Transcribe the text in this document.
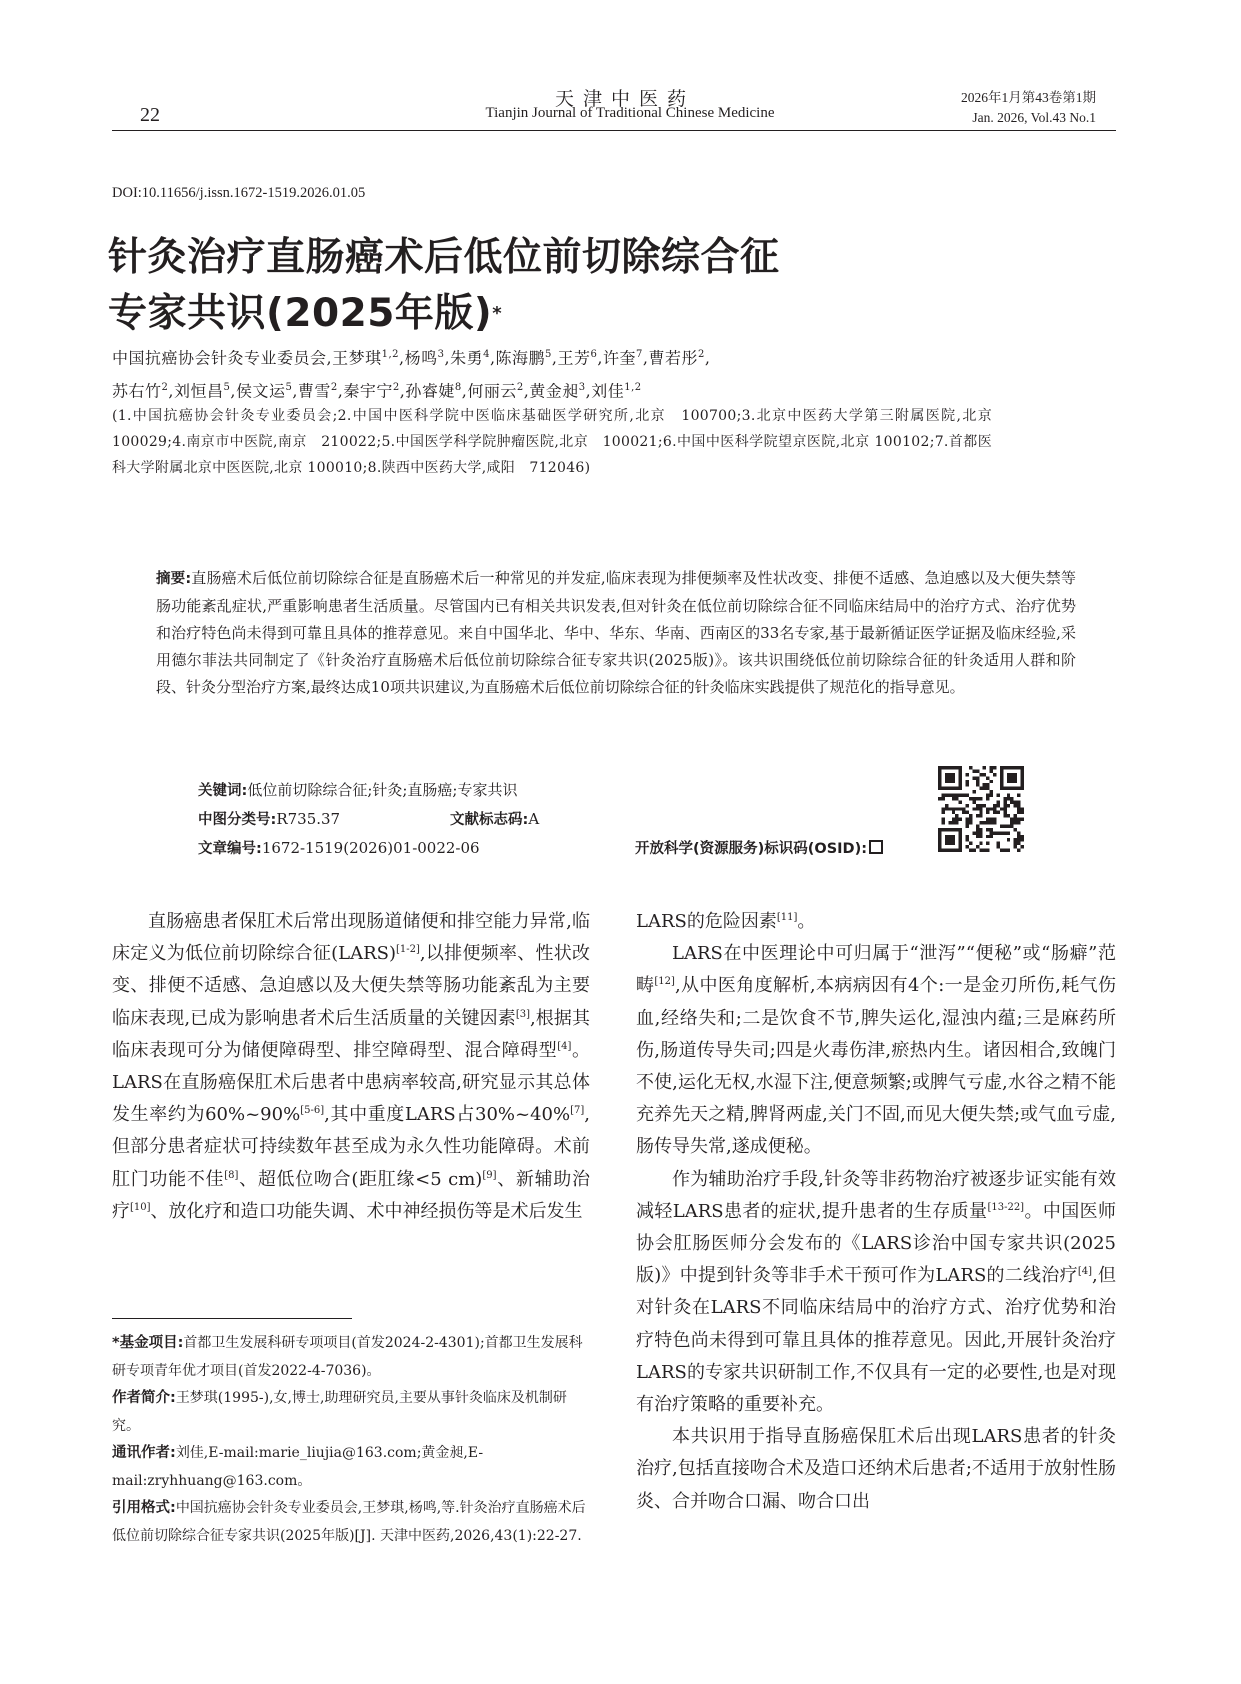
天津中医药
Tianjin Journal of Traditional Chinese Medicine
22
2026年1月第43卷第1期
Jan. 2026, Vol.43 No.1
DOI:10.11656/j.issn.1672-1519.2026.01.05
针灸治疗直肠癌术后低位前切除综合征
专家共识(2025年版)*
中国抗癌协会针灸专业委员会,王梦琪$^{1,2}$,杨鸣$^3$,朱勇$^4$,陈海鹏$^5$,王芳$^6$,许奎$^7$,曹若彤$^2$,
苏右竹$^2$,刘恒昌$^5$,侯文运$^5$,曹雪$^2$,秦宇宁$^2$,孙睿婕$^8$,何丽云$^2$,黄金昶$^3$,刘佳$^{1,2}$
(1.中国抗癌协会针灸专业委员会;2.中国中医科学院中医临床基础医学研究所,北京　100700;3.北京中医药大学第三附属医院,北京　100029;4.南京市中医院,南京　210022;5.中国医学科学院肿瘤医院,北京　100021;6.中国中医科学院望京医院,北京 100102;7.首都医科大学附属北京中医医院,北京 100010;8.陕西中医药大学,咸阳　712046)
摘要:直肠癌术后低位前切除综合征是直肠癌术后一种常见的并发症,临床表现为排便频率及性状改变、排便不适感、急迫感以及大便失禁等肠功能紊乱症状,严重影响患者生活质量。尽管国内已有相关共识发表,但对针灸在低位前切除综合征不同临床结局中的治疗方式、治疗优势和治疗特色尚未得到可靠且具体的推荐意见。来自中国华北、华中、华东、华南、西南区的33名专家,基于最新循证医学证据及临床经验,采用德尔菲法共同制定了《针灸治疗直肠癌术后低位前切除综合征专家共识(2025版)》。该共识围绕低位前切除综合征的针灸适用人群和阶段、针灸分型治疗方案,最终达成10项共识建议,为直肠癌术后低位前切除综合征的针灸临床实践提供了规范化的指导意见。
关键词:低位前切除综合征;针灸;直肠癌;专家共识
中图分类号:R735.37	文献标志码:A
文章编号:1672-1519(2026)01-0022-06	开放科学(资源服务)标识码(OSID):

直肠癌患者保肛术后常出现肠道储便和排空能力异常,临床定义为低位前切除综合征(LARS)[1-2],以排便频率、性状改变、排便不适感、急迫感以及大便失禁等肠功能紊乱为主要临床表现,已成为影响患者术后生活质量的关键因素[3],根据其临床表现可分为储便障碍型、排空障碍型、混合障碍型[4]。LARS在直肠癌保肛术后患者中患病率较高,研究显示其总体发生率约为60%~90%[5-6],其中重度LARS占30%~40%[7],但部分患者症状可持续数年甚至成为永久性功能障碍。术前肛门功能不佳[8]、超低位吻合(距肛缘<5 cm)[9]、新辅助治疗[10]、放化疗和造口功能失调、术中神经损伤等是术后发生

LARS的危险因素[11]。

LARS在中医理论中可归属于“泄泻”“便秘”或“肠癖”范畴[12],从中医角度解析,本病病因有4个:一是金刃所伤,耗气伤血,经络失和;二是饮食不节,脾失运化,湿浊内蕴;三是麻药所伤,肠道传导失司;四是火毒伤津,瘀热内生。诸因相合,致魄门不使,运化无权,水湿下注,便意频繁;或脾气亏虚,水谷之精不能充养先天之精,脾肾两虚,关门不固,而见大便失禁;或气血亏虚,肠传导失常,遂成便秘。

作为辅助治疗手段,针灸等非药物治疗被逐步证实能有效减轻LARS患者的症状,提升患者的生存质量[13-22]。中国医师协会肛肠医师分会发布的《LARS诊治中国专家共识(2025版)》中提到针灸等非手术干预可作为LARS的二线治疗[4],但对针灸在LARS不同临床结局中的治疗方式、治疗优势和治疗特色尚未得到可靠且具体的推荐意见。因此,开展针灸治疗LARS的专家共识研制工作,不仅具有一定的必要性,也是对现有治疗策略的重要补充。

本共识用于指导直肠癌保肛术后出现LARS患者的针灸治疗,包括直接吻合术及造口还纳术后患者;不适用于放射性肠炎、合并吻合口漏、吻合口出

*基金项目:首都卫生发展科研专项项目(首发2024-2-4301);首都卫生发展科研专项青年优才项目(首发2022-4-7036)。

作者简介:王梦琪(1995-),女,博士,助理研究员,主要从事针灸临床及机制研究。

通讯作者:刘佳,E-mail:marie_liujia@163.com;黄金昶,E-mail:zryhhuang@163.com。

引用格式:中国抗癌协会针灸专业委员会,王梦琪,杨鸣,等.针灸治疗直肠癌术后低位前切除综合征专家共识(2025年版)[J]. 天津中医药,2026,43(1):22-27.
